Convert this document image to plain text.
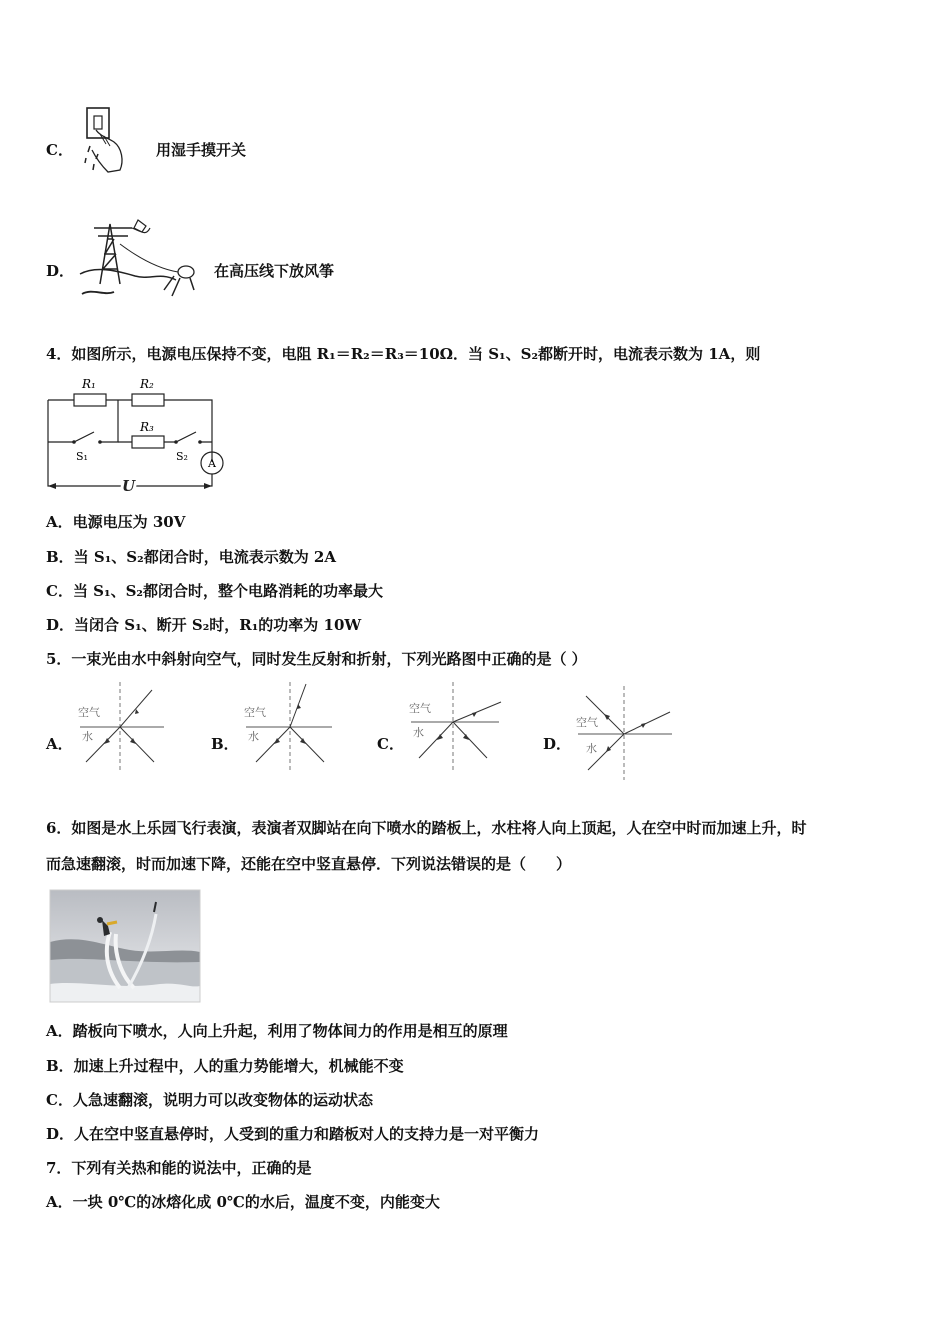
C．	用湿手摸开关
D．	在高压线下放风筝
4．如图所示，电源电压保持不变，电阻 R₁＝R₂＝R₃＝10Ω．当 S₁、S₂都断开时，电流表示数为 1A，则
R₁	R₂
R₃
S₁	S₂
A
U
A．电源电压为 30V
B．当 S₁、S₂都闭合时，电流表示数为 2A
C．当 S₁、S₂都闭合时，整个电路消耗的功率最大
D．当闭合 S₁、断开 S₂时，R₁的功率为 10W
5．一束光由水中斜射向空气，同时发生反射和折射，下列光路图中正确的是（ ）
A．
空气
水	B．
空气
水	C．
空气
水
D．
空气
水
6．如图是水上乐园飞行表演，表演者双脚站在向下喷水的踏板上，水柱将人向上顶起，人在空中时而加速上升，时
而急速翻滚，时而加速下降，还能在空中竖直悬停．下列说法错误的是（　　）
A．踏板向下喷水，人向上升起，利用了物体间力的作用是相互的原理
B．加速上升过程中，人的重力势能增大，机械能不变
C．人急速翻滚，说明力可以改变物体的运动状态
D．人在空中竖直悬停时，人受到的重力和踏板对人的支持力是一对平衡力
7．下列有关热和能的说法中，正确的是
A．一块 0℃的冰熔化成 0℃的水后，温度不变，内能变大
